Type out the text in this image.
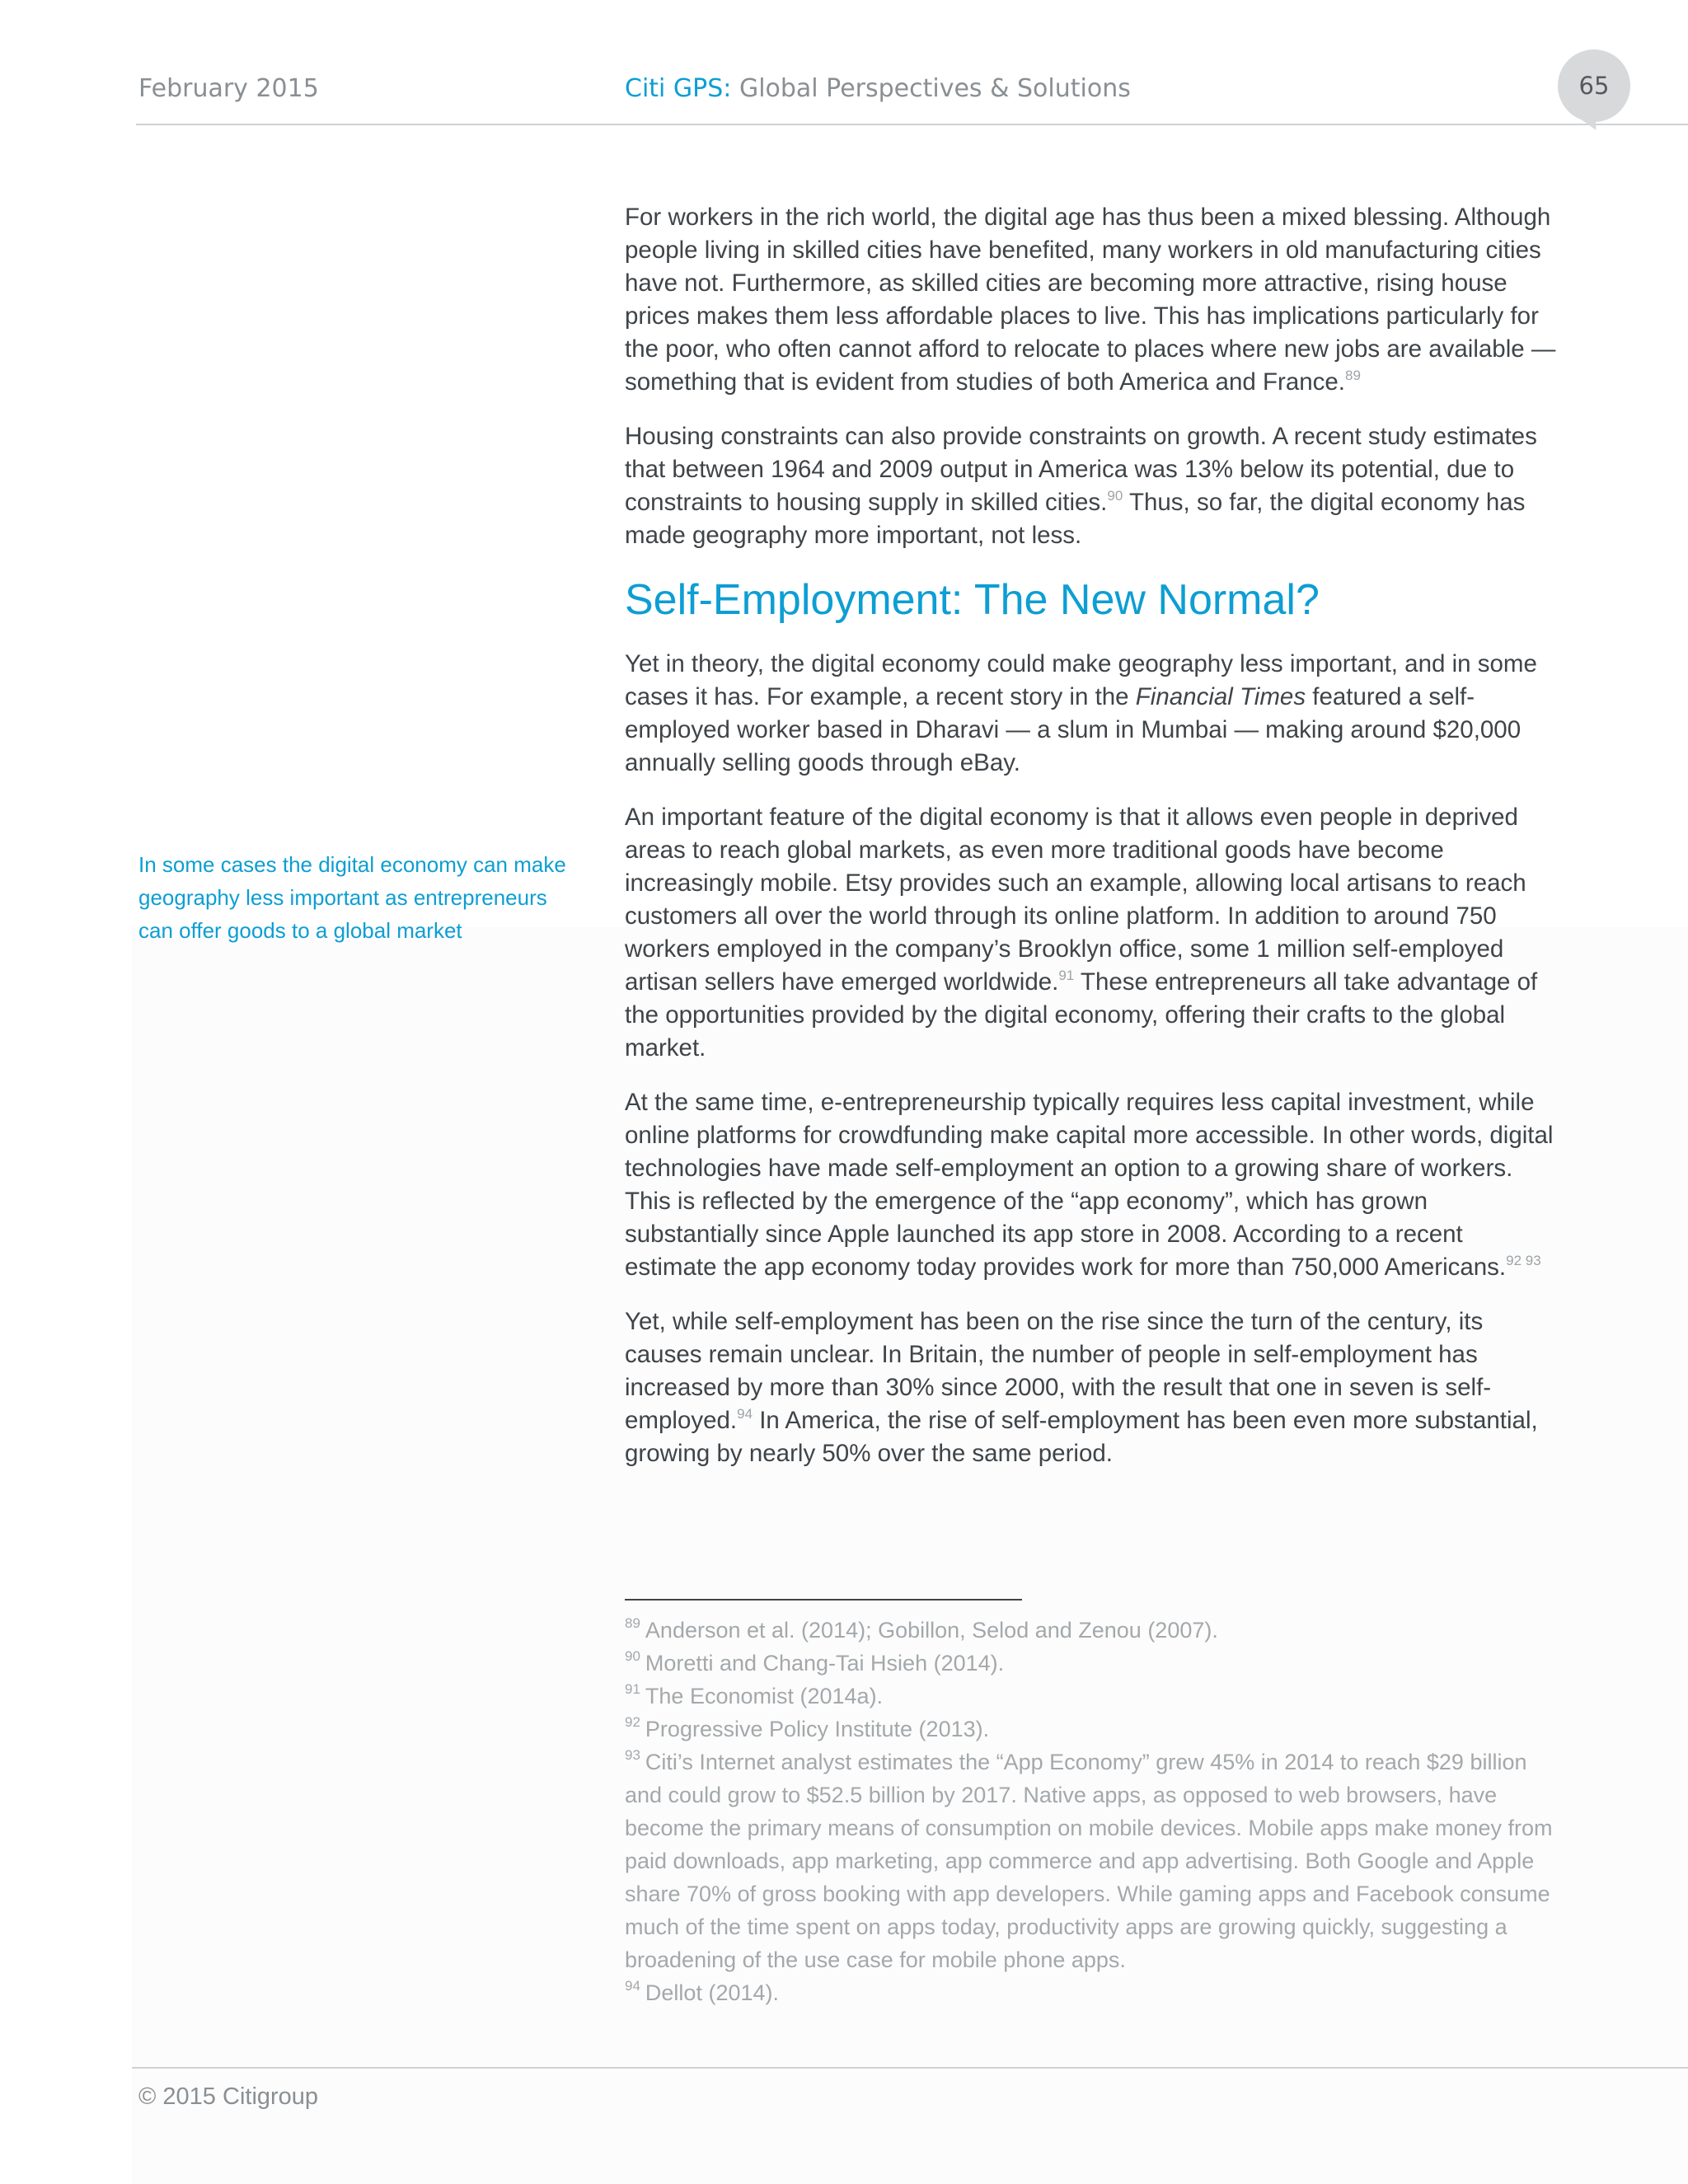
February 2015	Citi GPS: Global Perspectives & Solutions	65
In some cases the digital economy can make geography less important as entrepreneurs can offer goods to a global market

For workers in the rich world, the digital age has thus been a mixed blessing. Although people living in skilled cities have benefited, many workers in old manufacturing cities have not. Furthermore, as skilled cities are becoming more attractive, rising house prices makes them less affordable places to live. This has implications particularly for the poor, who often cannot afford to relocate to places where new jobs are available — something that is evident from studies of both America and France.$^{89}$

Housing constraints can also provide constraints on growth. A recent study estimates that between 1964 and 2009 output in America was 13% below its potential, due to constraints to housing supply in skilled cities.$^{90}$ Thus, so far, the digital economy has made geography more important, not less.

Self-Employment: The New Normal?

Yet in theory, the digital economy could make geography less important, and in some cases it has. For example, a recent story in the Financial Times featured a self-employed worker based in Dharavi — a slum in Mumbai — making around $20,000 annually selling goods through eBay.

An important feature of the digital economy is that it allows even people in deprived areas to reach global markets, as even more traditional goods have become increasingly mobile. Etsy provides such an example, allowing local artisans to reach customers all over the world through its online platform. In addition to around 750 workers employed in the company’s Brooklyn office, some 1 million self-employed artisan sellers have emerged worldwide.$^{91}$ These entrepreneurs all take advantage of the opportunities provided by the digital economy, offering their crafts to the global market.

At the same time, e-entrepreneurship typically requires less capital investment, while online platforms for crowdfunding make capital more accessible. In other words, digital technologies have made self-employment an option to a growing share of workers. This is reflected by the emergence of the “app economy”, which has grown substantially since Apple launched its app store in 2008. According to a recent estimate the app economy today provides work for more than 750,000 Americans.$^{92 93}$

Yet, while self-employment has been on the rise since the turn of the century, its causes remain unclear. In Britain, the number of people in self-employment has increased by more than 30% since 2000, with the result that one in seven is self-employed.$^{94}$ In America, the rise of self-employment has been even more substantial, growing by nearly 50% over the same period.

$^{89}$ Anderson et al. (2014); Gobillon, Selod and Zenou (2007).

$^{90}$ Moretti and Chang-Tai Hsieh (2014).

$^{91}$ The Economist (2014a).

$^{92}$ Progressive Policy Institute (2013).

$^{93}$ Citi’s Internet analyst estimates the “App Economy” grew 45% in 2014 to reach $29 billion and could grow to $52.5 billion by 2017. Native apps, as opposed to web browsers, have become the primary means of consumption on mobile devices. Mobile apps make money from paid downloads, app marketing, app commerce and app advertising. Both Google and Apple share 70% of gross booking with app developers. While gaming apps and Facebook consume much of the time spent on apps today, productivity apps are growing quickly, suggesting a broadening of the use case for mobile phone apps.

$^{94}$ Dellot (2014).

© 2015 Citigroup
